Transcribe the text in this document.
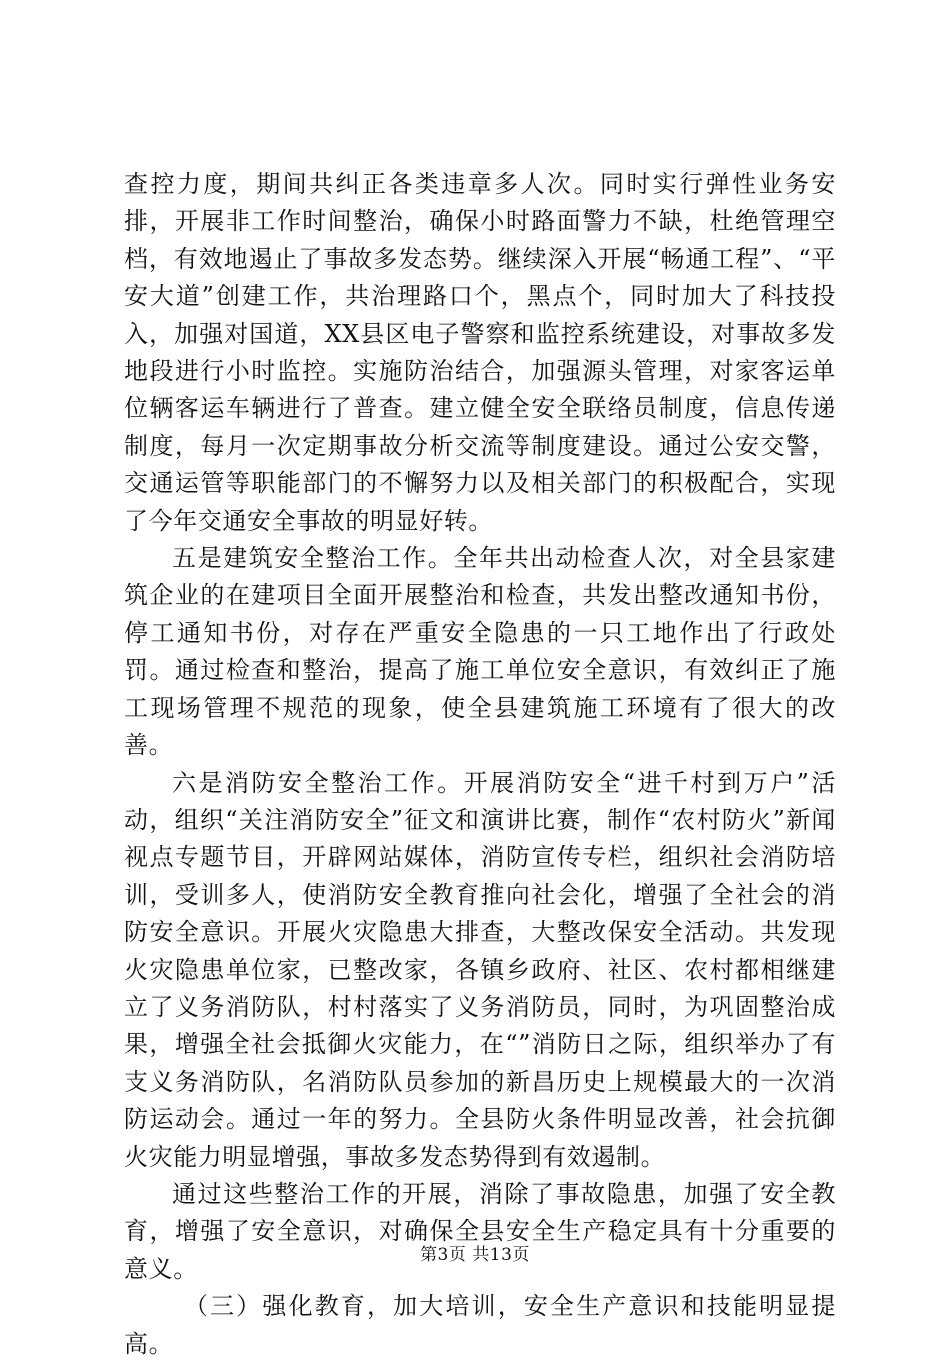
查控力度，期间共纠正各类违章多人次。同时实行弹性业务安排，开展非工作时间整治，确保小时路面警力不缺，杜绝管理空档，有效地遏止了事故多发态势。继续深入开展“畅通工程”、“平安大道”创建工作，共治理路口个，黑点个，同时加大了科技投入，加强对国道，XX县区电子警察和监控系统建设，对事故多发地段进行小时监控。实施防治结合，加强源头管理，对家客运单位辆客运车辆进行了普查。建立健全安全联络员制度，信息传递制度，每月一次定期事故分析交流等制度建设。通过公安交警，交通运管等职能部门的不懈努力以及相关部门的积极配合，实现了今年交通安全事故的明显好转。

五是建筑安全整治工作。全年共出动检查人次，对全县家建筑企业的在建项目全面开展整治和检查，共发出整改通知书份，停工通知书份，对存在严重安全隐患的一只工地作出了行政处罚。通过检查和整治，提高了施工单位安全意识，有效纠正了施工现场管理不规范的现象，使全县建筑施工环境有了很大的改善。

六是消防安全整治工作。开展消防安全“进千村到万户”活动，组织“关注消防安全”征文和演讲比赛，制作“农村防火”新闻视点专题节目，开辟网站媒体，消防宣传专栏，组织社会消防培训，受训多人，使消防安全教育推向社会化，增强了全社会的消防安全意识。开展火灾隐患大排查，大整改保安全活动。共发现火灾隐患单位家，已整改家，各镇乡政府、社区、农村都相继建立了义务消防队，村村落实了义务消防员，同时，为巩固整治成果，增强全社会抵御火灾能力，在“”消防日之际，组织举办了有支义务消防队，名消防队员参加的新昌历史上规模最大的一次消防运动会。通过一年的努力。全县防火条件明显改善，社会抗御火灾能力明显增强，事故多发态势得到有效遏制。

通过这些整治工作的开展，消除了事故隐患，加强了安全教育，增强了安全意识，对确保全县安全生产稳定具有十分重要的意义。

（三）强化教育，加大培训，安全生产意识和技能明显提高。

第3页 共13页
